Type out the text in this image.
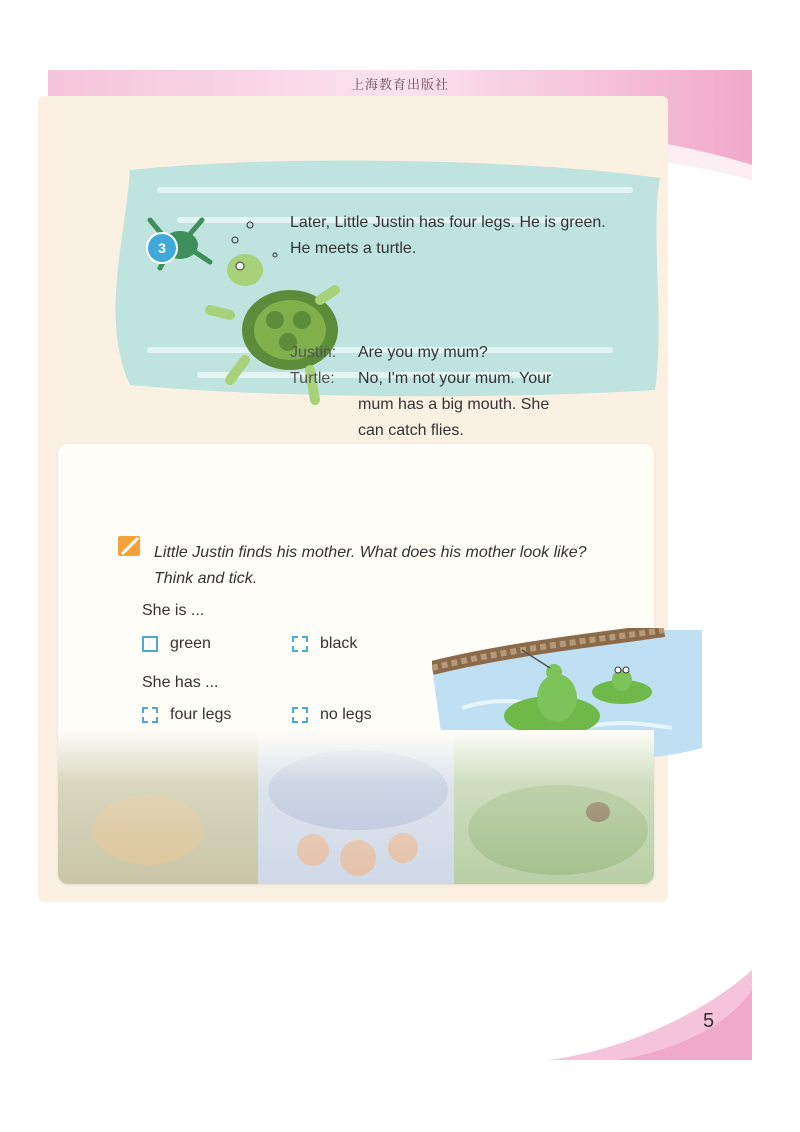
上海教育出版社
5
3
Later, Little Justin has four legs. He is green. He meets a turtle.
Justin:	Are you my mum?
Turtle:	No, I'm not your mum. Your
mum has a big mouth. She
can catch flies.
Little Justin finds his mother. What does his mother look like?
Think and tick.
She is ...
green	black
She has ...
four legs	no legs
